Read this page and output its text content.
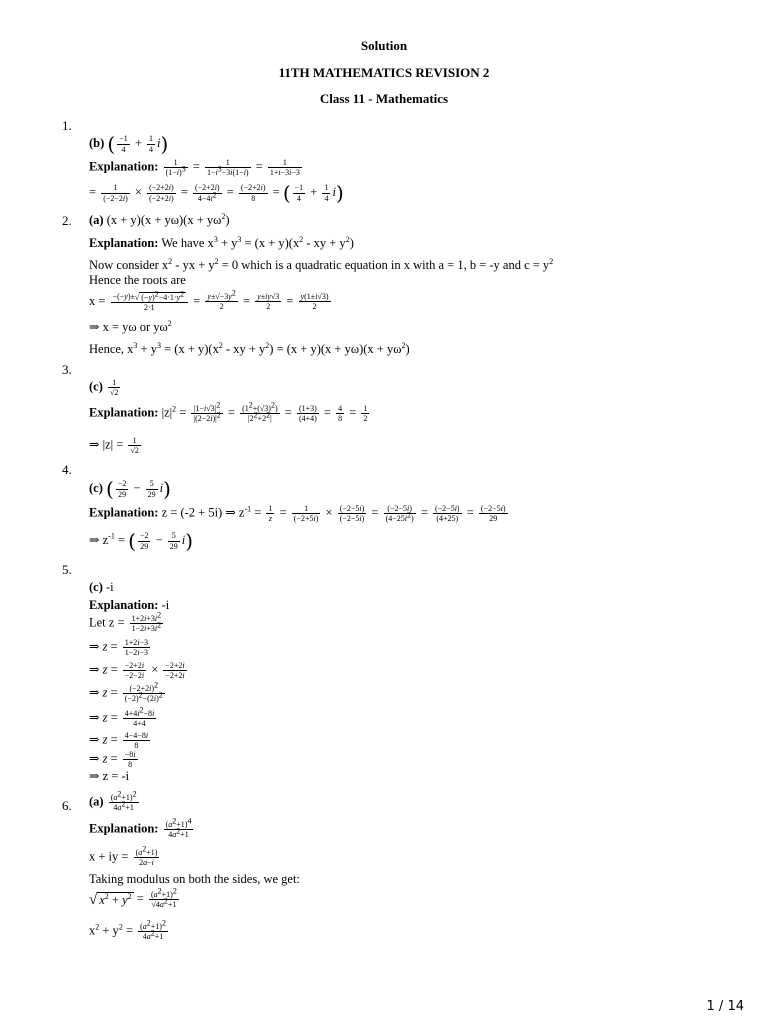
Solution
11TH MATHEMATICS REVISION 2
Class 11 - Mathematics
1.
(b) ( $\frac{-1}{4} + \frac{1}{4} i$)
Explanation: $\frac{1}{(1-i)^3} = \frac{1}{1-i^3-3i(1-i)} = \frac{1}{1+i-3i-3}$
= $\frac{1}{(-2-2i)} \times \frac{(-2+2i)}{(-2+2i)} = \frac{(-2+2i)}{4-4i^2} = \frac{(-2+2i)}{8}$ = ( $\frac{-1}{4} + \frac{1}{4} i$)
2. (a) $(x + y)(x + y\omega)(x + y\omega^2)$
Explanation: We have $x^3 + y^3 = (x + y)(x^2$ - xy + $y^2$)
Now consider $x^2$ - yx + $y^2 = 0$ which is a quadratic equation in x with a = 1, b = -y and $c = y^2$
Hence the roots are
$x = \frac{-(-y)\pm√ (-y)^2-4\cdot 1\cdot y^2}{2\cdot 1} = \frac{y\pm√-3y^2}{2} = \frac{y\pm iy√3}{2} = \frac{y(1\pm i√3)}{2}$
⇒ x = yω or $y\omega^2$
Hence, $x^3 + y^3 = (x + y)(x^2$ - xy + $y^2) = (x + y)(x + y\omega)(x + y\omega^2)$
3.
$(c) \frac{1}{√2}$
Explanation: $|z|^2 = \frac{|1-i√3|^2}{|(2-2i)|^2} = \frac{(1^2+(√3)^2)}{|2^2+2^2|} = \frac{(1+3)}{(4+4)} = \frac{4}{8} = \frac{1}{2}$
⇒ $|z| = \frac{1}{√2}$
4.
(c) ( $\frac{-2}{29} - \frac{5}{29} i$)
Explanation: z = (-2 + 5i) ⇒ $z^{-1} = \frac{1}{z} = \frac{1}{(-2+5i)} \times \frac{(-2-5i)}{(-2-5i)} = \frac{(-2-5i)}{(4-25i^2)} = \frac{(-2-5i)}{(4+25)} = \frac{(-2-5i)}{29}$
⇒ $z^{-1}$ = ( $\frac{-2}{29} - \frac{5}{29} i$)
5.
(c) -i
Explanation: -i
Let $z = \frac{1+2i+3i^2}{1-2i+3i^2}$
⇒ $z = \frac{1+2i-3}{1-2i-3}$
⇒ $z = \frac{-2+2i}{-2-2i} \times \frac{-2+2i}{-2+2i}$
⇒ $z = \frac{(-2+2i)^2}{(-2)^2-(2i)^2}$
⇒ $z = \frac{4+4i^2-8i}{4+4}$
⇒ $z = \frac{4-4-8i}{8}$
⇒ $z = \frac{-8i}{8}$
⇒ z = -i
6. $(a) \frac{(a^2+1)^2}{4a^2+1}$
Explanation: $\frac{(a^2+1)^4}{4a^2+1}$
x + iy = $\frac{(a^2+1)}{2a-i}$
Taking modulus on both the sides, we get:
√ $x^2 + y^2 = \frac{(a^2+1)^2}{√4a^2+1}$
$x^2 + y^2 = \frac{(a^2+1)^2}{4a^2+1}$
1 / 14
